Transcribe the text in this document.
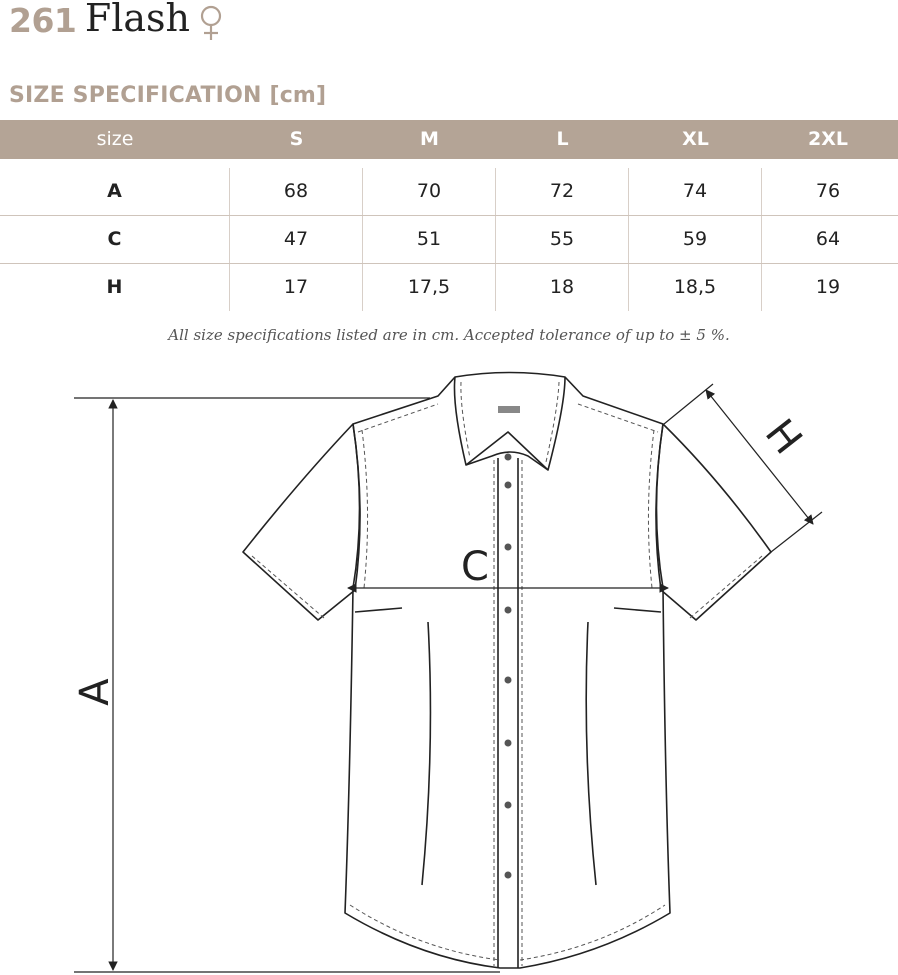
261 Flash
SIZE SPECIFICATION [cm]
size	S	M	L	XL	2XL
A	68	70	72	74	76
C	47	51	55	59	64
H	17	17,5	18	18,5	19
All size specifications listed are in cm. Accepted tolerance of up to ± 5 %.
A
C
H
